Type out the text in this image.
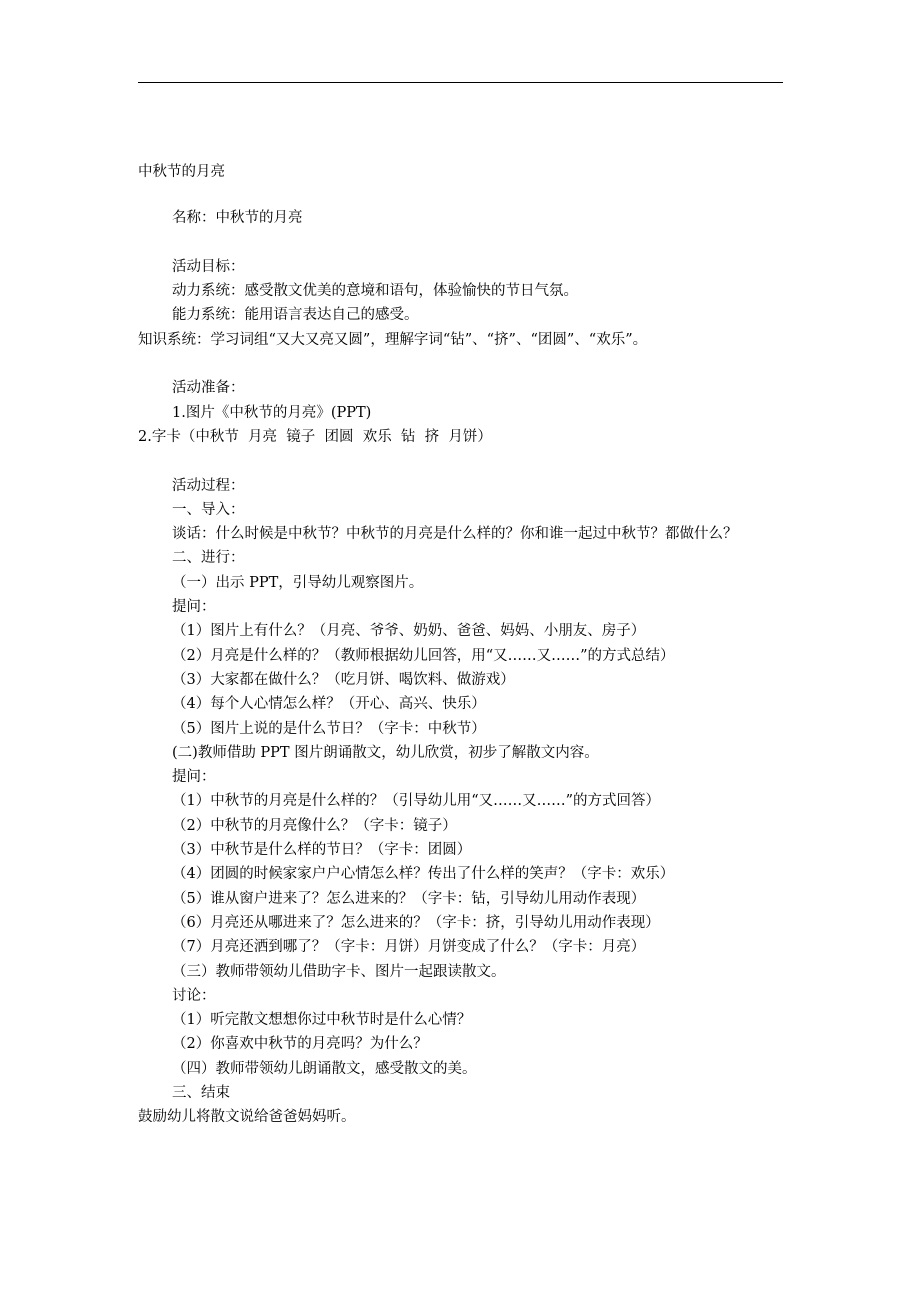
中秋节的月亮
名称：中秋节的月亮
活动目标：
动力系统：感受散文优美的意境和语句，体验愉快的节日气氛。
能力系统：能用语言表达自己的感受。
知识系统：学习词组“又大又亮又圆”，理解字词“钻”、“挤”、“团圆”、“欢乐”。
活动准备：
1.图片《中秋节的月亮》(PPT)
2.字卡（中秋节  月亮  镜子  团圆  欢乐  钻  挤  月饼）
活动过程：
一、导入：
谈话：什么时候是中秋节？中秋节的月亮是什么样的？你和谁一起过中秋节？都做什么？
二、进行：
（一）出示 PPT，引导幼儿观察图片。
提问：
（1）图片上有什么？（月亮、爷爷、奶奶、爸爸、妈妈、小朋友、房子）
（2）月亮是什么样的？（教师根据幼儿回答，用“又……又……”的方式总结）
（3）大家都在做什么？（吃月饼、喝饮料、做游戏）
（4）每个人心情怎么样？（开心、高兴、快乐）
（5）图片上说的是什么节日？（字卡：中秋节）
(二)教师借助 PPT 图片朗诵散文，幼儿欣赏，初步了解散文内容。
提问：
（1）中秋节的月亮是什么样的？（引导幼儿用“又……又……”的方式回答）
（2）中秋节的月亮像什么？（字卡：镜子）
（3）中秋节是什么样的节日？（字卡：团圆）
（4）团圆的时候家家户户心情怎么样？传出了什么样的笑声？（字卡：欢乐）
（5）谁从窗户进来了？怎么进来的？（字卡：钻，引导幼儿用动作表现）
（6）月亮还从哪进来了？怎么进来的？（字卡：挤，引导幼儿用动作表现）
（7）月亮还洒到哪了？（字卡：月饼）月饼变成了什么？（字卡：月亮）
（三）教师带领幼儿借助字卡、图片一起跟读散文。
讨论：
（1）听完散文想想你过中秋节时是什么心情？
（2）你喜欢中秋节的月亮吗？为什么？
（四）教师带领幼儿朗诵散文，感受散文的美。
三、结束
鼓励幼儿将散文说给爸爸妈妈听。
